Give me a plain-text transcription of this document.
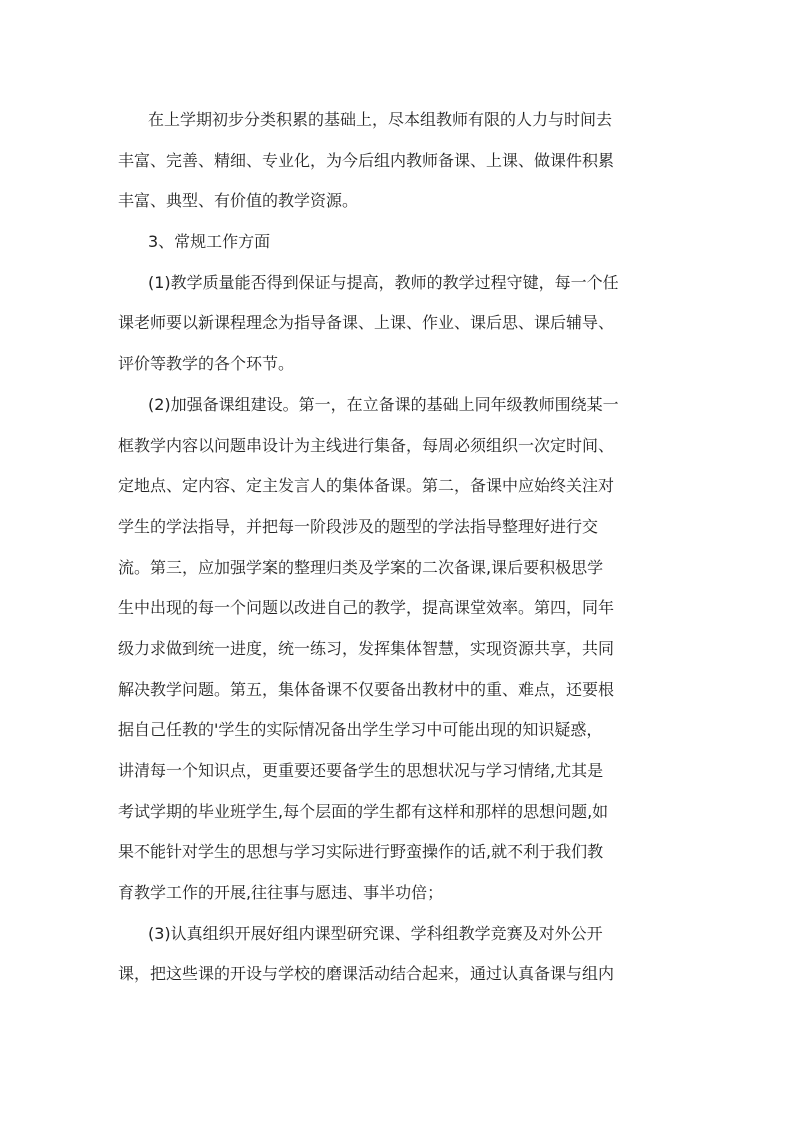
在上学期初步分类积累的基础上，尽本组教师有限的人力与时间去
丰富、完善、精细、专业化，为今后组内教师备课、上课、做课件积累
丰富、典型、有价值的教学资源。
3、常规工作方面
(1)教学质量能否得到保证与提高，教师的教学过程守键，每一个任
课老师要以新课程理念为指导备课、上课、作业、课后思、课后辅导、
评价等教学的各个环节。
(2)加强备课组建设。第一，在立备课的基础上同年级教师围绕某一
框教学内容以问题串设计为主线进行集备，每周必须组织一次定时间、
定地点、定内容、定主发言人的集体备课。第二，备课中应始终关注对
学生的学法指导，并把每一阶段涉及的题型的学法指导整理好进行交
流。第三，应加强学案的整理归类及学案的二次备课,课后要积极思学
生中出现的每一个问题以改进自己的教学，提高课堂效率。第四，同年
级力求做到统一进度，统一练习，发挥集体智慧，实现资源共享，共同
解决教学问题。第五，集体备课不仅要备出教材中的重、难点，还要根
据自己任教的'学生的实际情况备出学生学习中可能出现的知识疑惑，
讲清每一个知识点，更重要还要备学生的思想状况与学习情绪,尤其是
考试学期的毕业班学生,每个层面的学生都有这样和那样的思想问题,如
果不能针对学生的思想与学习实际进行野蛮操作的话,就不利于我们教
育教学工作的开展,往往事与愿违、事半功倍；
(3)认真组织开展好组内课型研究课、学科组教学竞赛及对外公开
课，把这些课的开设与学校的磨课活动结合起来，通过认真备课与组内
